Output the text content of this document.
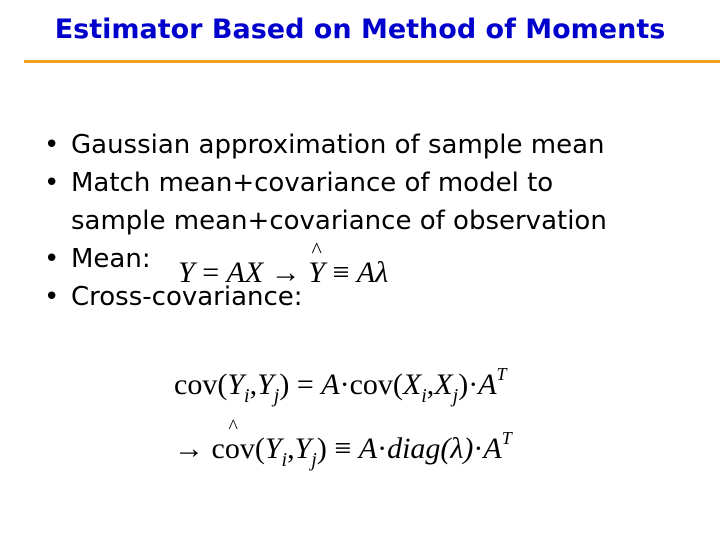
Estimator Based on Method of Moments
• Gaussian approximation of sample mean
• Match mean+covariance of model to
sample mean+covariance of observation
• Mean:
• Cross-covariance:
Y = AX →
^
Y ≡ Aλ
$cov(Y_i,Y_j) = A\cdot cov(X_i,X_j)\cdot A^T$
→
^
$cov(Y_i,Y_j)$ ≡ $A\cdot diag(\lambda)\cdot A^T$
